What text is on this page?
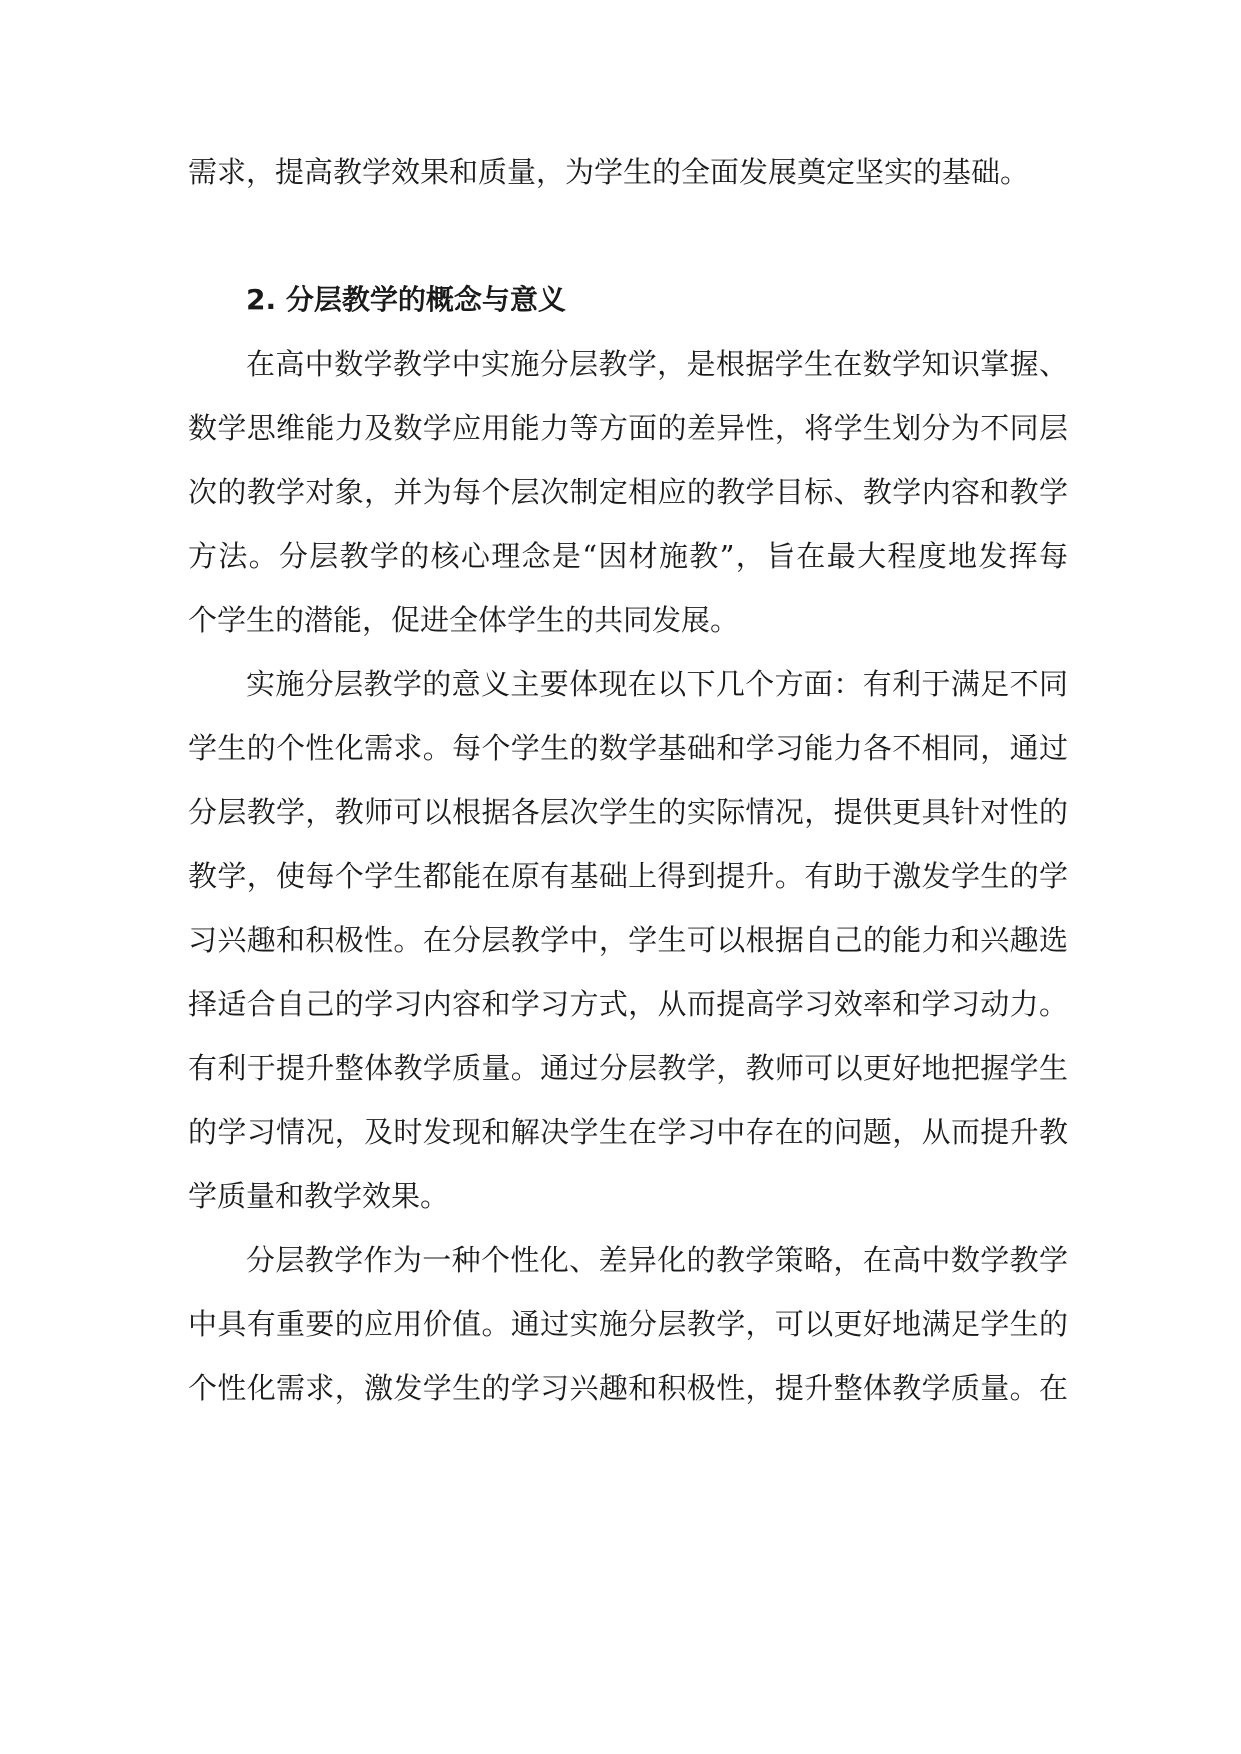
需求，提高教学效果和质量，为学生的全面发展奠定坚实的基础。
2. 分层教学的概念与意义
在高中数学教学中实施分层教学，是根据学生在数学知识掌握、
数学思维能力及数学应用能力等方面的差异性，将学生划分为不同层
次的教学对象，并为每个层次制定相应的教学目标、教学内容和教学
方法。分层教学的核心理念是“因材施教”，旨在最大程度地发挥每
个学生的潜能，促进全体学生的共同发展。
实施分层教学的意义主要体现在以下几个方面：有利于满足不同
学生的个性化需求。每个学生的数学基础和学习能力各不相同，通过
分层教学，教师可以根据各层次学生的实际情况，提供更具针对性的
教学，使每个学生都能在原有基础上得到提升。有助于激发学生的学
习兴趣和积极性。在分层教学中，学生可以根据自己的能力和兴趣选
择适合自己的学习内容和学习方式，从而提高学习效率和学习动力。
有利于提升整体教学质量。通过分层教学，教师可以更好地把握学生
的学习情况，及时发现和解决学生在学习中存在的问题，从而提升教
学质量和教学效果。
分层教学作为一种个性化、差异化的教学策略，在高中数学教学
中具有重要的应用价值。通过实施分层教学，可以更好地满足学生的
个性化需求，激发学生的学习兴趣和积极性，提升整体教学质量。在
